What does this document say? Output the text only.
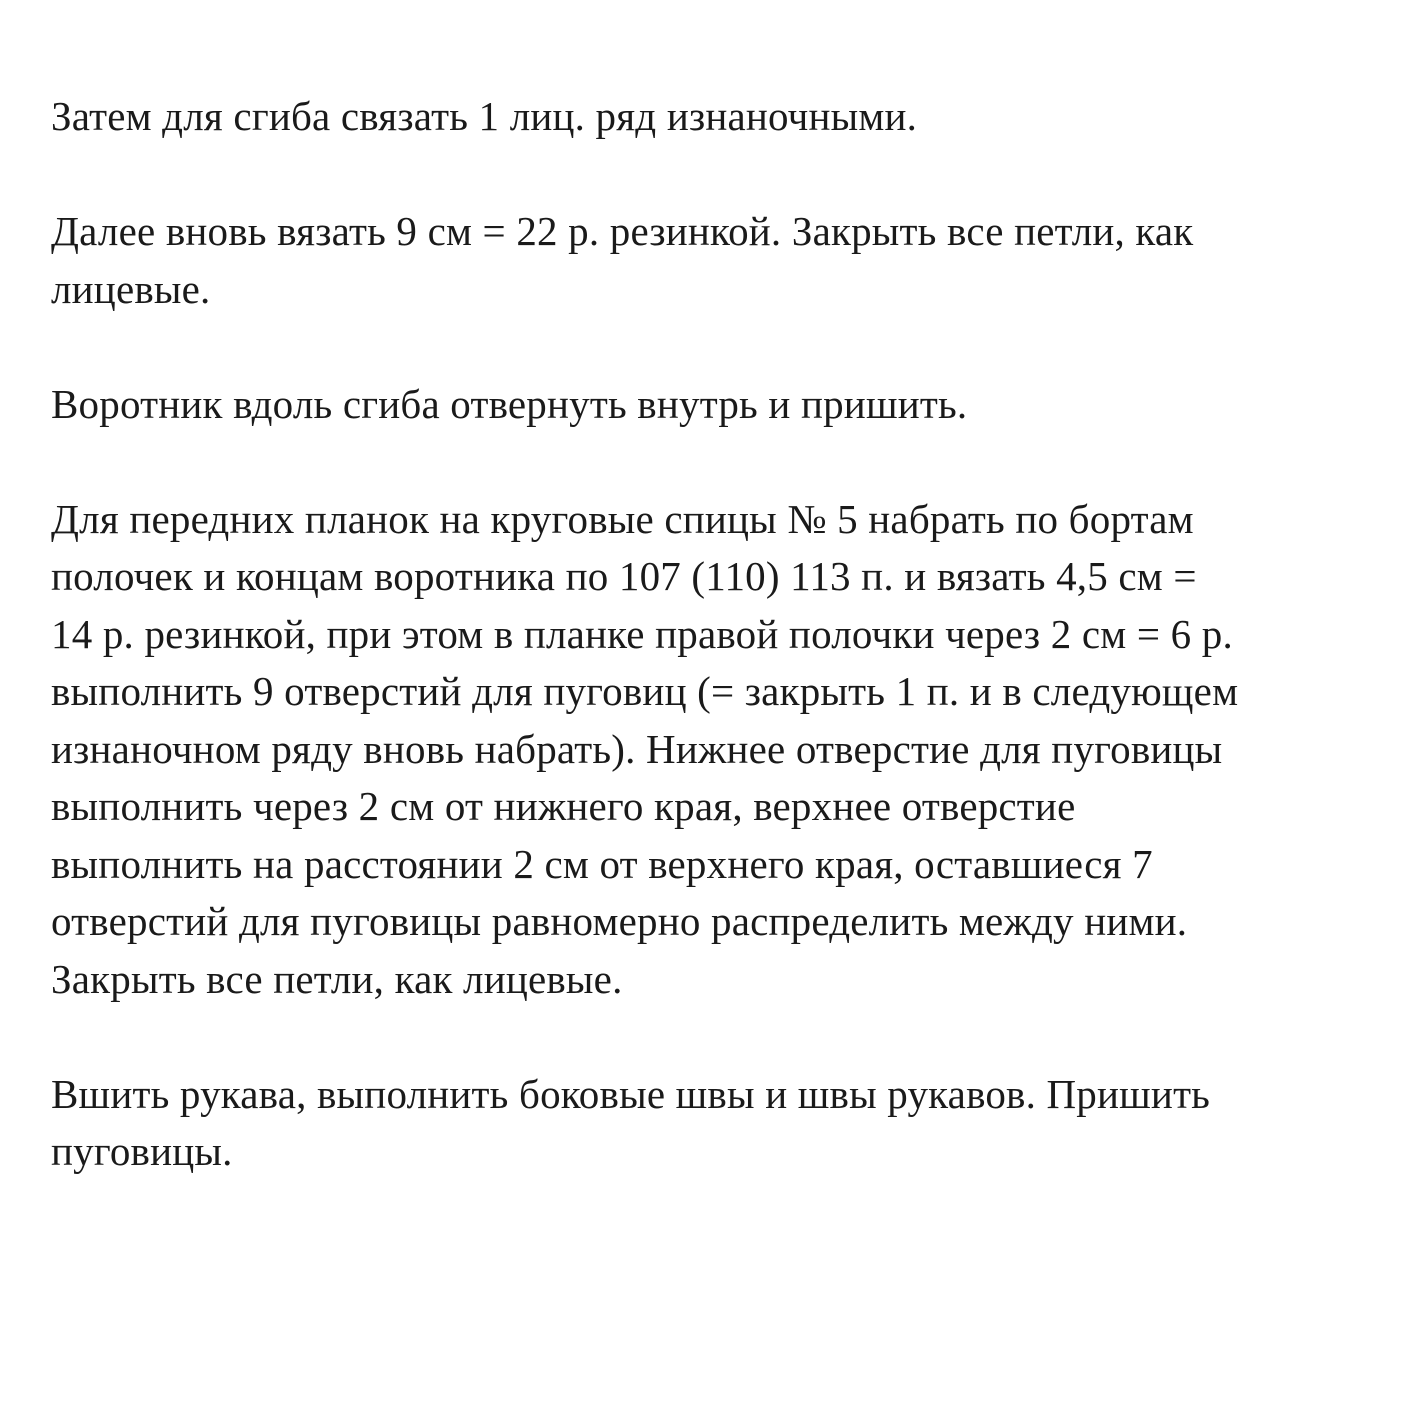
Затем для сгиба связать 1 лиц. ряд изнаночными.

Далее вновь вязать 9 см = 22 р. резинкой. Закрыть все петли, как
лицевые.

Воротник вдоль сгиба отвернуть внутрь и пришить.

Для передних планок на круговые спицы № 5 набрать по бортам
полочек и концам воротника по 107 (110) 113 п. и вязать 4,5 см =
14 р. резинкой, при этом в планке правой полочки через 2 см = 6 р.
выполнить 9 отверстий для пуговиц (= закрыть 1 п. и в следующем
изнаночном ряду вновь набрать). Нижнее отверстие для пуговицы
выполнить через 2 см от нижнего края, верхнее отверстие
выполнить на расстоянии 2 см от верхнего края, оставшиеся 7
отверстий для пуговицы равномерно распределить между ними.
Закрыть все петли, как лицевые.

Вшить рукава, выполнить боковые швы и швы рукавов. Пришить
пуговицы.
